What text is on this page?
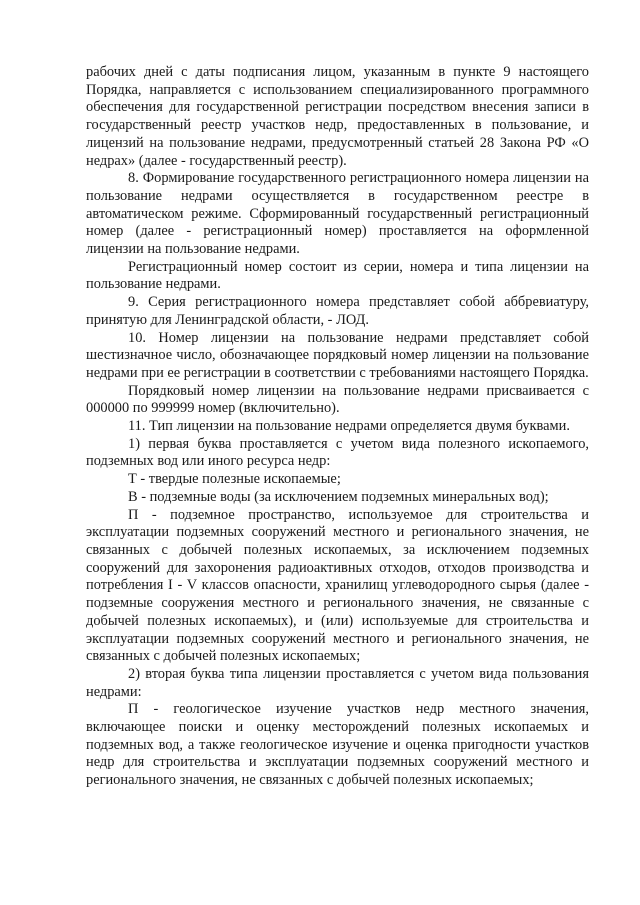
рабочих дней с даты подписания лицом, указанным в пункте 9 настоящего Порядка, направляется с использованием специализированного программного обеспечения для государственной регистрации посредством внесения записи в государственный реестр участков недр, предоставленных в пользование, и лицензий на пользование недрами, предусмотренный статьей 28 Закона РФ «О недрах» (далее - государственный реестр).

8. Формирование государственного регистрационного номера лицензии на пользование недрами осуществляется в государственном реестре в автоматическом режиме. Сформированный государственный регистрационный номер (далее - регистрационный номер) проставляется на оформленной лицензии на пользование недрами.

Регистрационный номер состоит из серии, номера и типа лицензии на пользование недрами.

9. Серия регистрационного номера представляет собой аббревиатуру, принятую для Ленинградской области, - ЛОД.

10. Номер лицензии на пользование недрами представляет собой шестизначное число, обозначающее порядковый номер лицензии на пользование недрами при ее регистрации в соответствии с требованиями настоящего Порядка.

Порядковый номер лицензии на пользование недрами присваивается с 000000 по 999999 номер (включительно).

11. Тип лицензии на пользование недрами определяется двумя буквами.

1) первая буква проставляется с учетом вида полезного ископаемого, подземных вод или иного ресурса недр:

Т - твердые полезные ископаемые;

В - подземные воды (за исключением подземных минеральных вод);

П - подземное пространство, используемое для строительства и эксплуатации подземных сооружений местного и регионального значения, не связанных с добычей полезных ископаемых, за исключением подземных сооружений для захоронения радиоактивных отходов, отходов производства и потребления I - V классов опасности, хранилищ углеводородного сырья (далее - подземные сооружения местного и регионального значения, не связанные с добычей полезных ископаемых), и (или) используемые для строительства и эксплуатации подземных сооружений местного и регионального значения, не связанных с добычей полезных ископаемых;

2) вторая буква типа лицензии проставляется с учетом вида пользования недрами:

П - геологическое изучение участков недр местного значения, включающее поиски и оценку месторождений полезных ископаемых и подземных вод, а также геологическое изучение и оценка пригодности участков недр для строительства и эксплуатации подземных сооружений местного и регионального значения, не связанных с добычей полезных ископаемых;
